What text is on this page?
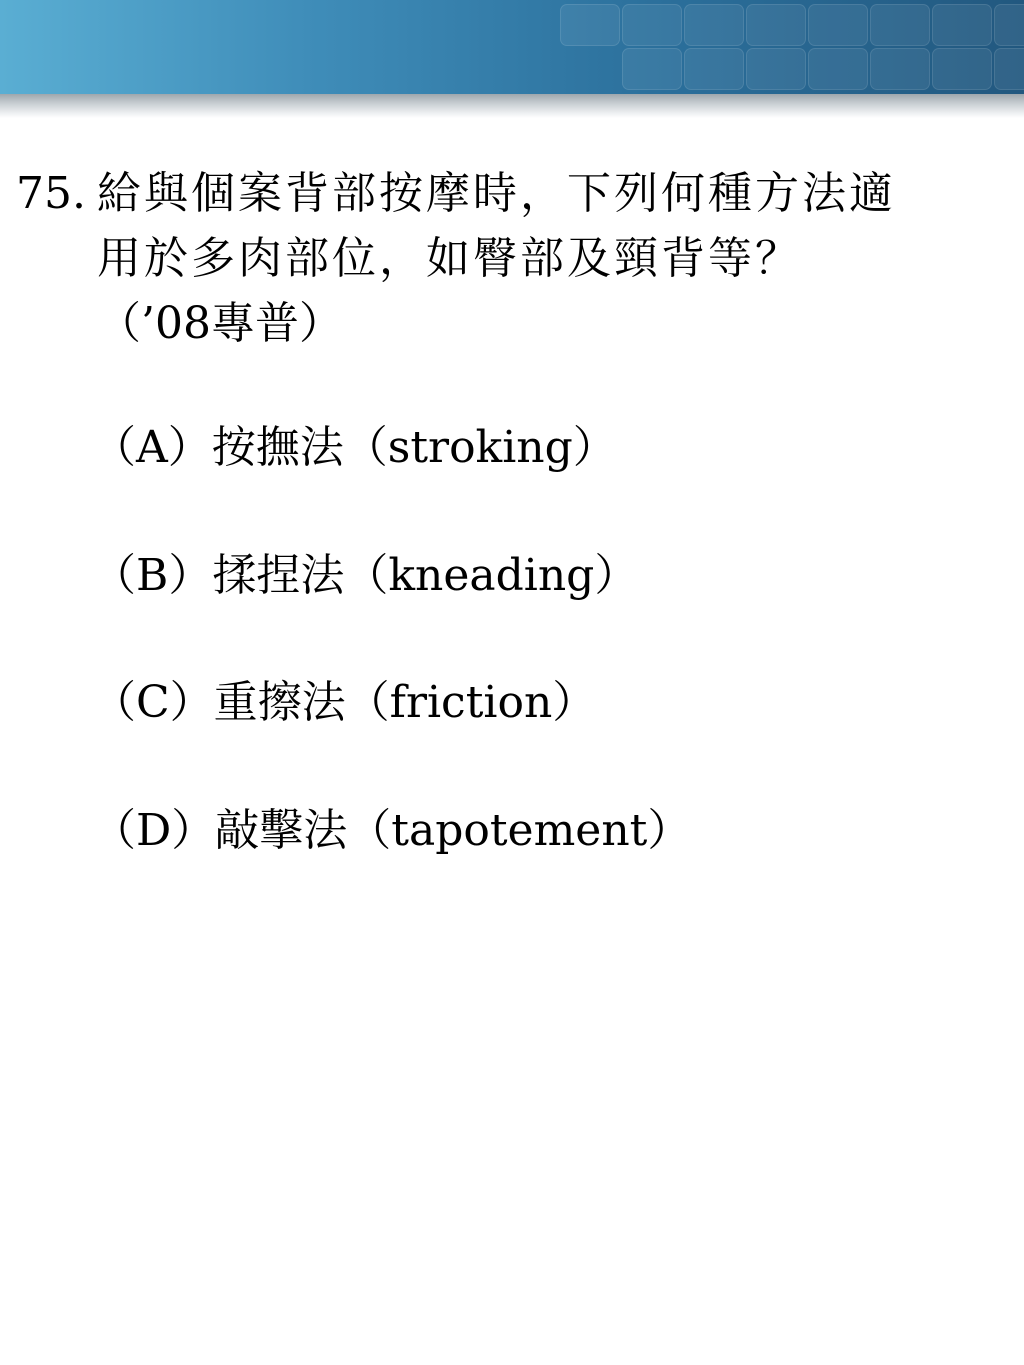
75. 給與個案背部按摩時，下列何種方法適
用於多肉部位，如臀部及頸背等？
（’08專普）
（A）按撫法（stroking）
（B）揉捏法（kneading）
（C）重擦法（friction）
（D）敲擊法（tapotement）
